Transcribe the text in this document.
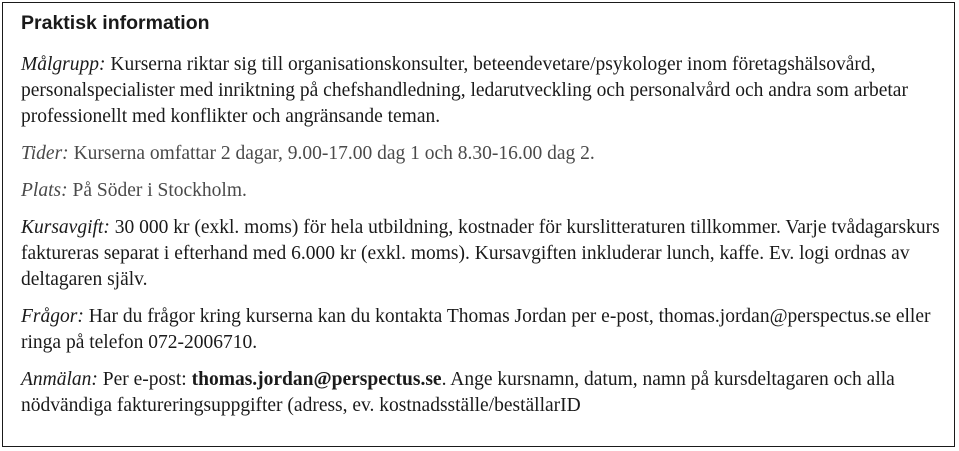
Praktisk information

Målgrupp: Kurserna riktar sig till organisationskonsulter, beteendevetare/psykologer inom företagshälsovård, personalspecialister med inriktning på chefshandledning, ledarutveckling och personalvård och andra som arbetar professionellt med konflikter och angränsande teman.

Tider: Kurserna omfattar 2 dagar, 9.00-17.00 dag 1 och 8.30-16.00 dag 2.

Plats: På Söder i Stockholm.

Kursavgift: 30 000 kr (exkl. moms) för hela utbildning, kostnader för kurslitteraturen tillkommer. Varje tvådagarskurs faktureras separat i efterhand med 6.000 kr (exkl. moms). Kursavgiften inkluderar lunch, kaffe. Ev. logi ordnas av deltagaren själv.

Frågor: Har du frågor kring kurserna kan du kontakta Thomas Jordan per e-post, thomas.jordan@perspectus.se eller ringa på telefon 072-2006710.

Anmälan: Per e-post: thomas.jordan@perspectus.se. Ange kursnamn, datum, namn på kursdeltagaren och alla nödvändiga faktureringsuppgifter (adress, ev. kostnadsställe/beställarID
